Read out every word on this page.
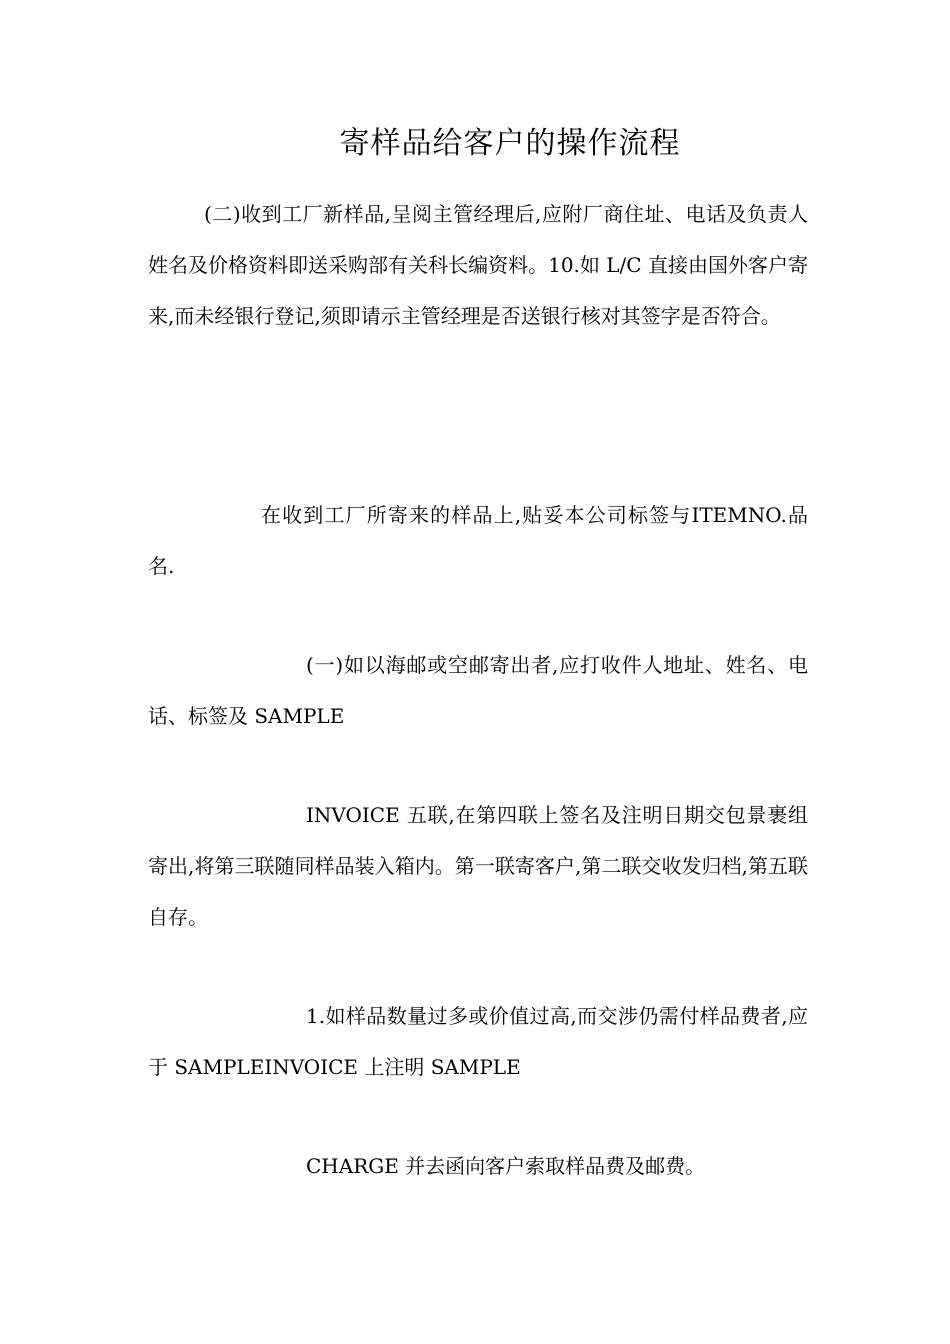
寄样品给客户的操作流程

(二)收到工厂新样品,呈阅主管经理后,应附厂商住址、电话及负责人姓名及价格资料即送采购部有关科长编资料。10.如 L/C 直接由国外客户寄来,而未经银行登记,须即请示主管经理是否送银行核对其签字是否符合。

在收到工厂所寄来的样品上,贴妥本公司标签与ITEMNO.品名.

(一)如以海邮或空邮寄出者,应打收件人地址、姓名、电话、标签及 SAMPLE

INVOICE 五联,在第四联上签名及注明日期交包景裹组寄出,将第三联随同样品装入箱内。第一联寄客户,第二联交收发归档,第五联自存。

1.如样品数量过多或价值过高,而交涉仍需付样品费者,应于 SAMPLEINVOICE 上注明 SAMPLE

CHARGE 并去函向客户索取样品费及邮费。
